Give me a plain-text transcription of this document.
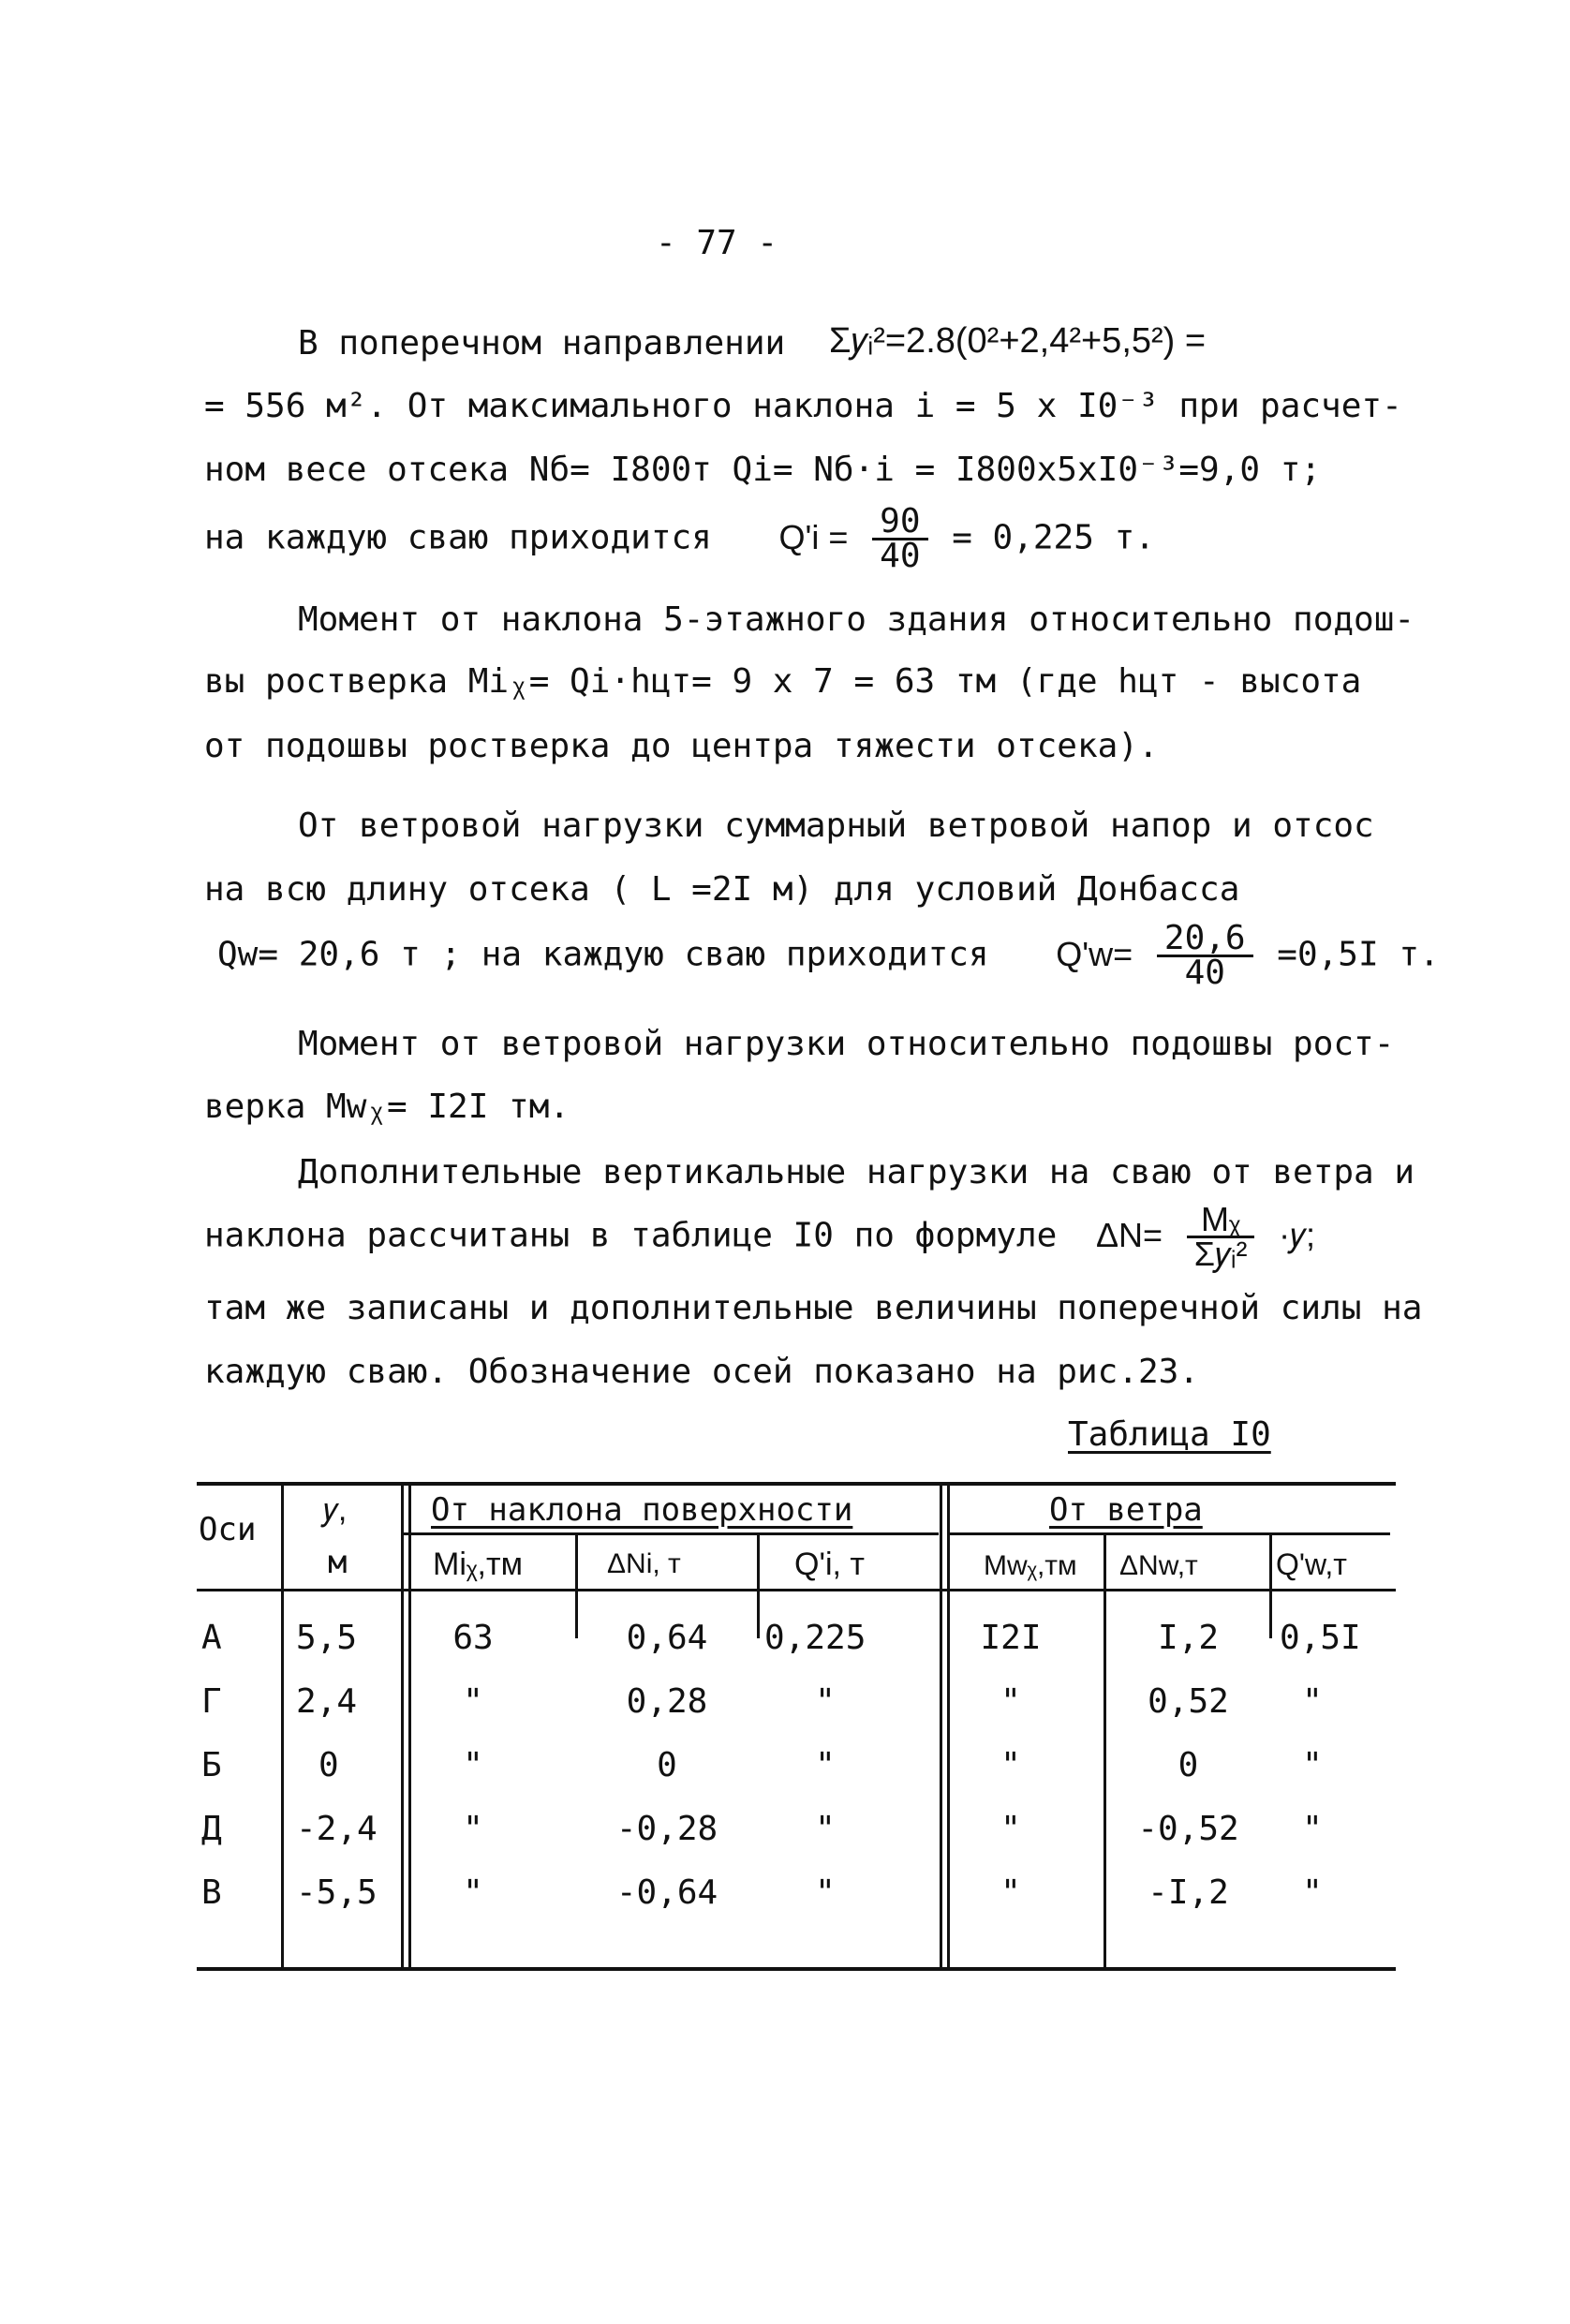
- 77 -
В поперечном направлении Σ𝑦ᵢ²=2.8(0²+2,4²+5,5²) =
= 556 м². От максимального наклона i = 5 x I0⁻³ при расчет-
ном весе отсека Nб= I800т Qi= Nб·i = I800x5xI0⁻³=9,0 т;
на каждую сваю приходится $Q'i = \frac{90}{40} = 0,225$ т.
Момент от наклона 5-этажного здания относительно подош-
вы ростверка Miᵪ= Qi·hцт= 9 x 7 = 63 тм (где hцт - высота
от подошвы ростверка до центра тяжести отсека).
От ветровой нагрузки суммарный ветровой напор и отсос
на всю длину отсека ( L =2I м) для условий Донбасса
Qw= 20,6 т ; на каждую сваю приходится $Q'w= \frac{20,6}{40} =0,5I$ т.
Момент от ветровой нагрузки относительно подошвы рост-
верка Mwᵪ= I2I тм.
Дополнительные вертикальные нагрузки на сваю от ветра и
наклона рассчитаны в таблице I0 по формуле $\Delta N= \frac{\text{Mᵪ}}{\text{Σ𝑦ᵢ²}}$ ·𝑦;
там же записаны и дополнительные величины поперечной силы на
каждую сваю. Обозначение осей показано на рис.23.
Таблица I0
Оси
𝑦,
м
От наклона поверхности	От ветра
Miᵪ,тм	ΔNi, т	Q'i, т	Mwᵪ,тм ΔNw,т	Q'w,т
А 5,5	63	0,64	0,225	I2I	I,2	0,5I
Г 2,4	"	0,28	"	"	0,52	"
Б	0	"	0	"	"	0	"
Д -2,4	"	-0,28	"	"	-0,52	"
В -5,5	"	-0,64	"	"	-I,2	"
